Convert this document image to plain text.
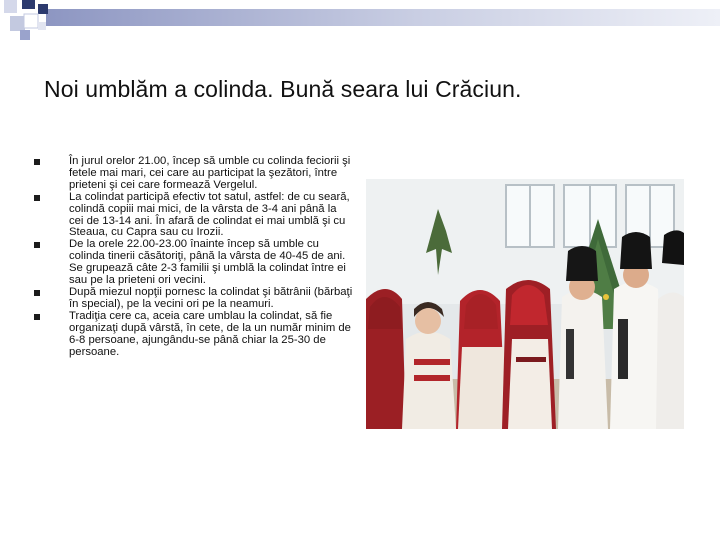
Noi umblăm a colinda. Bună seara lui Crăciun.
În jurul orelor 21.00, încep să umble cu colinda feciorii şi fetele mai mari, cei care au participat la şezători, între prieteni şi cei care formează Vergelul.
La colindat participă efectiv tot satul, astfel: de cu seară, colindă copiii mai mici, de la vârsta de 3-4 ani până la cei de 13-14 ani. În afară de colindat ei mai umblă şi cu Steaua, cu Capra sau cu Irozii.
De la orele 22.00-23.00 înainte încep să umble cu colinda tinerii căsătoriţi, până la vârsta de 40-45 de ani. Se grupează câte 2-3 familii şi umblă la colindat între ei sau pe la prieteni ori vecini.
După miezul nopţii pornesc la colindat şi bătrânii (bărbaţi în special), pe la vecini ori pe la neamuri.
Tradiţia cere ca, aceia care umblau la colindat, să fie organizaţi după vârstă, în cete, de la un număr minim de 6-8 persoane, ajungându-se până chiar la 25-30 de persoane.
